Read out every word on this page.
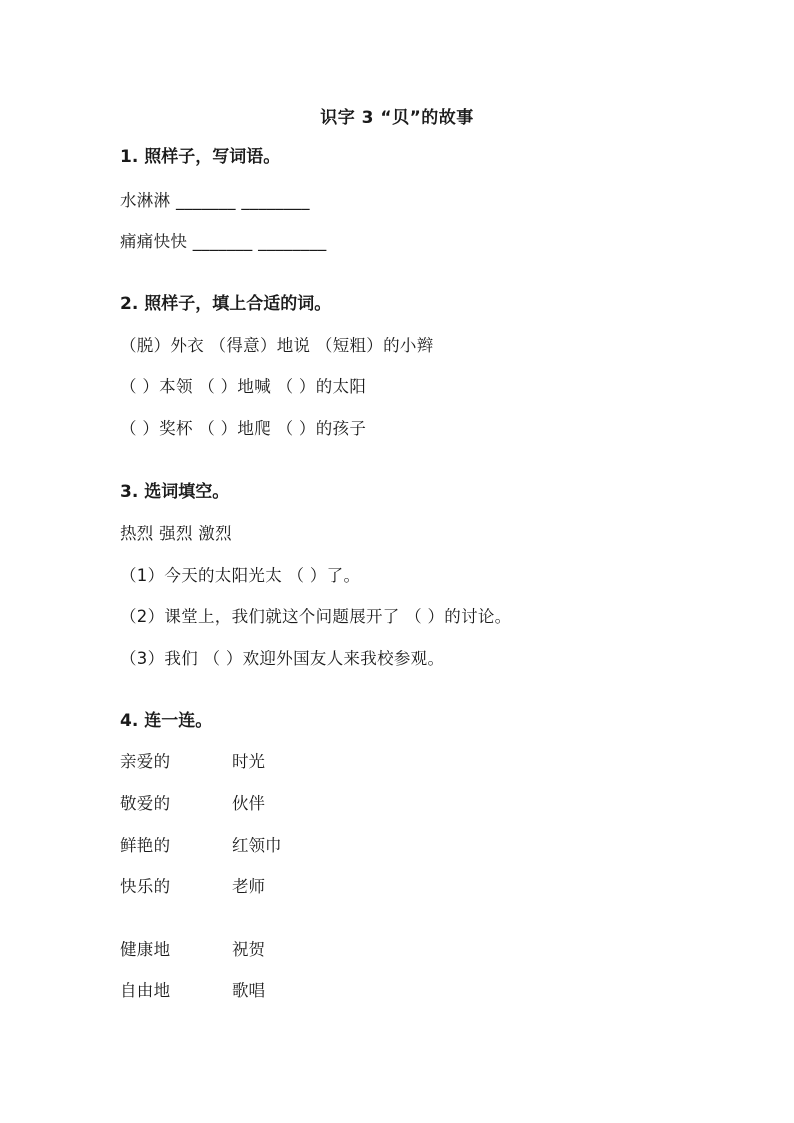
识字 3 “贝”的故事
1. 照样子，写词语。
水淋淋 _______ ________
痛痛快快 _______ ________
2. 照样子，填上合适的词。
（脱）外衣 （得意）地说 （短粗）的小辫
（ ）本领 （ ）地喊 （ ）的太阳
（ ）奖杯 （ ）地爬 （ ）的孩子
3. 选词填空。
热烈 强烈 激烈
（1）今天的太阳光太 （ ）了。
（2）课堂上，我们就这个问题展开了 （ ）的讨论。
（3）我们 （ ）欢迎外国友人来我校参观。
4. 连一连。
亲爱的	时光
敬爱的	伙伴
鲜艳的	红领巾
快乐的	老师
健康地	祝贺
自由地	歌唱
